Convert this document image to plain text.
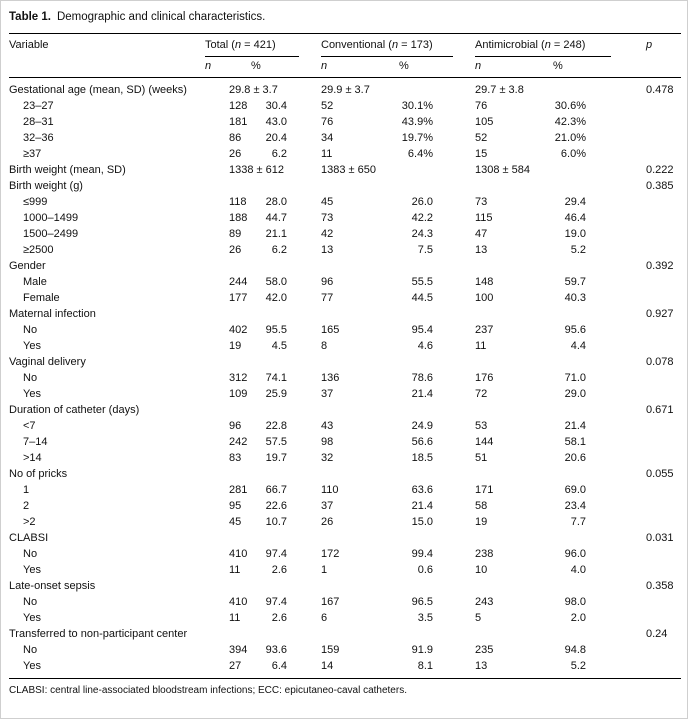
Table 1. Demographic and clinical characteristics.
Variable	Total (n = 421)		Conventional (n = 173)		Antimicrobial (n = 248)		p
	n	%	n	%	n	%	
Gestational age (mean, SD) (weeks)	29.8 ± 3.7		29.9 ± 3.7		29.7 ± 3.8		0.478
23–27	128	30.4	52	30.1%	76	30.6%	
28–31	181	43.0	76	43.9%	105	42.3%	
32–36	86	20.4	34	19.7%	52	21.0%	
≥37	26	6.2	11	6.4%	15	6.0%	
Birth weight (mean, SD)	1338 ± 612		1383 ± 650		1308 ± 584		0.222
Birth weight (g)							0.385
≤999	118	28.0	45	26.0	73	29.4	
1000–1499	188	44.7	73	42.2	115	46.4	
1500–2499	89	21.1	42	24.3	47	19.0	
≥2500	26	6.2	13	7.5	13	5.2	
Gender							0.392
Male	244	58.0	96	55.5	148	59.7	
Female	177	42.0	77	44.5	100	40.3	
Maternal infection							0.927
No	402	95.5	165	95.4	237	95.6	
Yes	19	4.5	8	4.6	11	4.4	
Vaginal delivery							0.078
No	312	74.1	136	78.6	176	71.0	
Yes	109	25.9	37	21.4	72	29.0	
Duration of catheter (days)							0.671
<7	96	22.8	43	24.9	53	21.4	
7–14	242	57.5	98	56.6	144	58.1	
>14	83	19.7	32	18.5	51	20.6	
No of pricks							0.055
1	281	66.7	110	63.6	171	69.0	
2	95	22.6	37	21.4	58	23.4	
>2	45	10.7	26	15.0	19	7.7	
CLABSI							0.031
No	410	97.4	172	99.4	238	96.0	
Yes	11	2.6	1	0.6	10	4.0	
Late-onset sepsis							0.358
No	410	97.4	167	96.5	243	98.0	
Yes	11	2.6	6	3.5	5	2.0	
Transferred to non-participant center							0.24
No	394	93.6	159	91.9	235	94.8	
Yes	27	6.4	14	8.1	13	5.2	
CLABSI: central line-associated bloodstream infections; ECC: epicutaneo-caval catheters.
